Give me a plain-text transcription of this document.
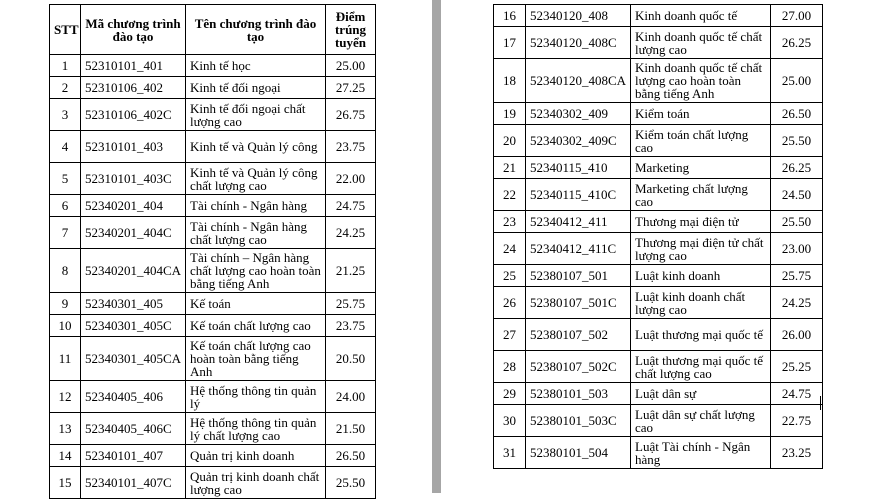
STT	Mã chương trình đào tạo	Tên chương trình đào tạo	Điểm trúng tuyển
1	52310101_401	Kinh tế học	25.00
2	52310106_402	Kinh tế đối ngoại	27.25
3	52310106_402C	Kinh tế đối ngoại chất lượng cao	26.75
4	52310101_403	Kinh tế và Quản lý công	23.75
5	52310101_403C	Kinh tế và Quản lý công chất lượng cao	22.00
6	52340201_404	Tài chính - Ngân hàng	24.75
7	52340201_404C	Tài chính - Ngân hàng chất lượng cao	24.25
8	52340201_404CA	Tài chính – Ngân hàng chất lượng cao hoàn toàn bằng tiếng Anh	21.25
9	52340301_405	Kế toán	25.75
10	52340301_405C	Kế toán chất lượng cao	23.75
11	52340301_405CA	Kế toán chất lượng cao hoàn toàn bằng tiếng Anh	20.50
12	52340405_406	Hệ thống thông tin quản lý	24.00
13	52340405_406C	Hệ thống thông tin quản lý chất lượng cao	21.50
14	52340101_407	Quản trị kinh doanh	26.50
15	52340101_407C	Quản trị kinh doanh chất lượng cao	25.50
16	52340120_408	Kinh doanh quốc tế	27.00
17	52340120_408C	Kinh doanh quốc tế chất lượng cao	26.25
18	52340120_408CA	Kinh doanh quốc tế chất lượng cao hoàn toàn bằng tiếng Anh	25.00
19	52340302_409	Kiểm toán	26.50
20	52340302_409C	Kiểm toán chất lượng cao	25.50
21	52340115_410	Marketing	26.25
22	52340115_410C	Marketing chất lượng cao	24.50
23	52340412_411	Thương mại điện tử	25.50
24	52340412_411C	Thương mại điện tử chất lượng cao	23.00
25	52380107_501	Luật kinh doanh	25.75
26	52380107_501C	Luật kinh doanh chất lượng cao	24.25
27	52380107_502	Luật thương mại quốc tế	26.00
28	52380107_502C	Luật thương mại quốc tế chất lượng cao	25.25
29	52380101_503	Luật dân sự	24.75
30	52380101_503C	Luật dân sự chất lượng cao	22.75
31	52380101_504	Luật Tài chính - Ngân hàng	23.25
